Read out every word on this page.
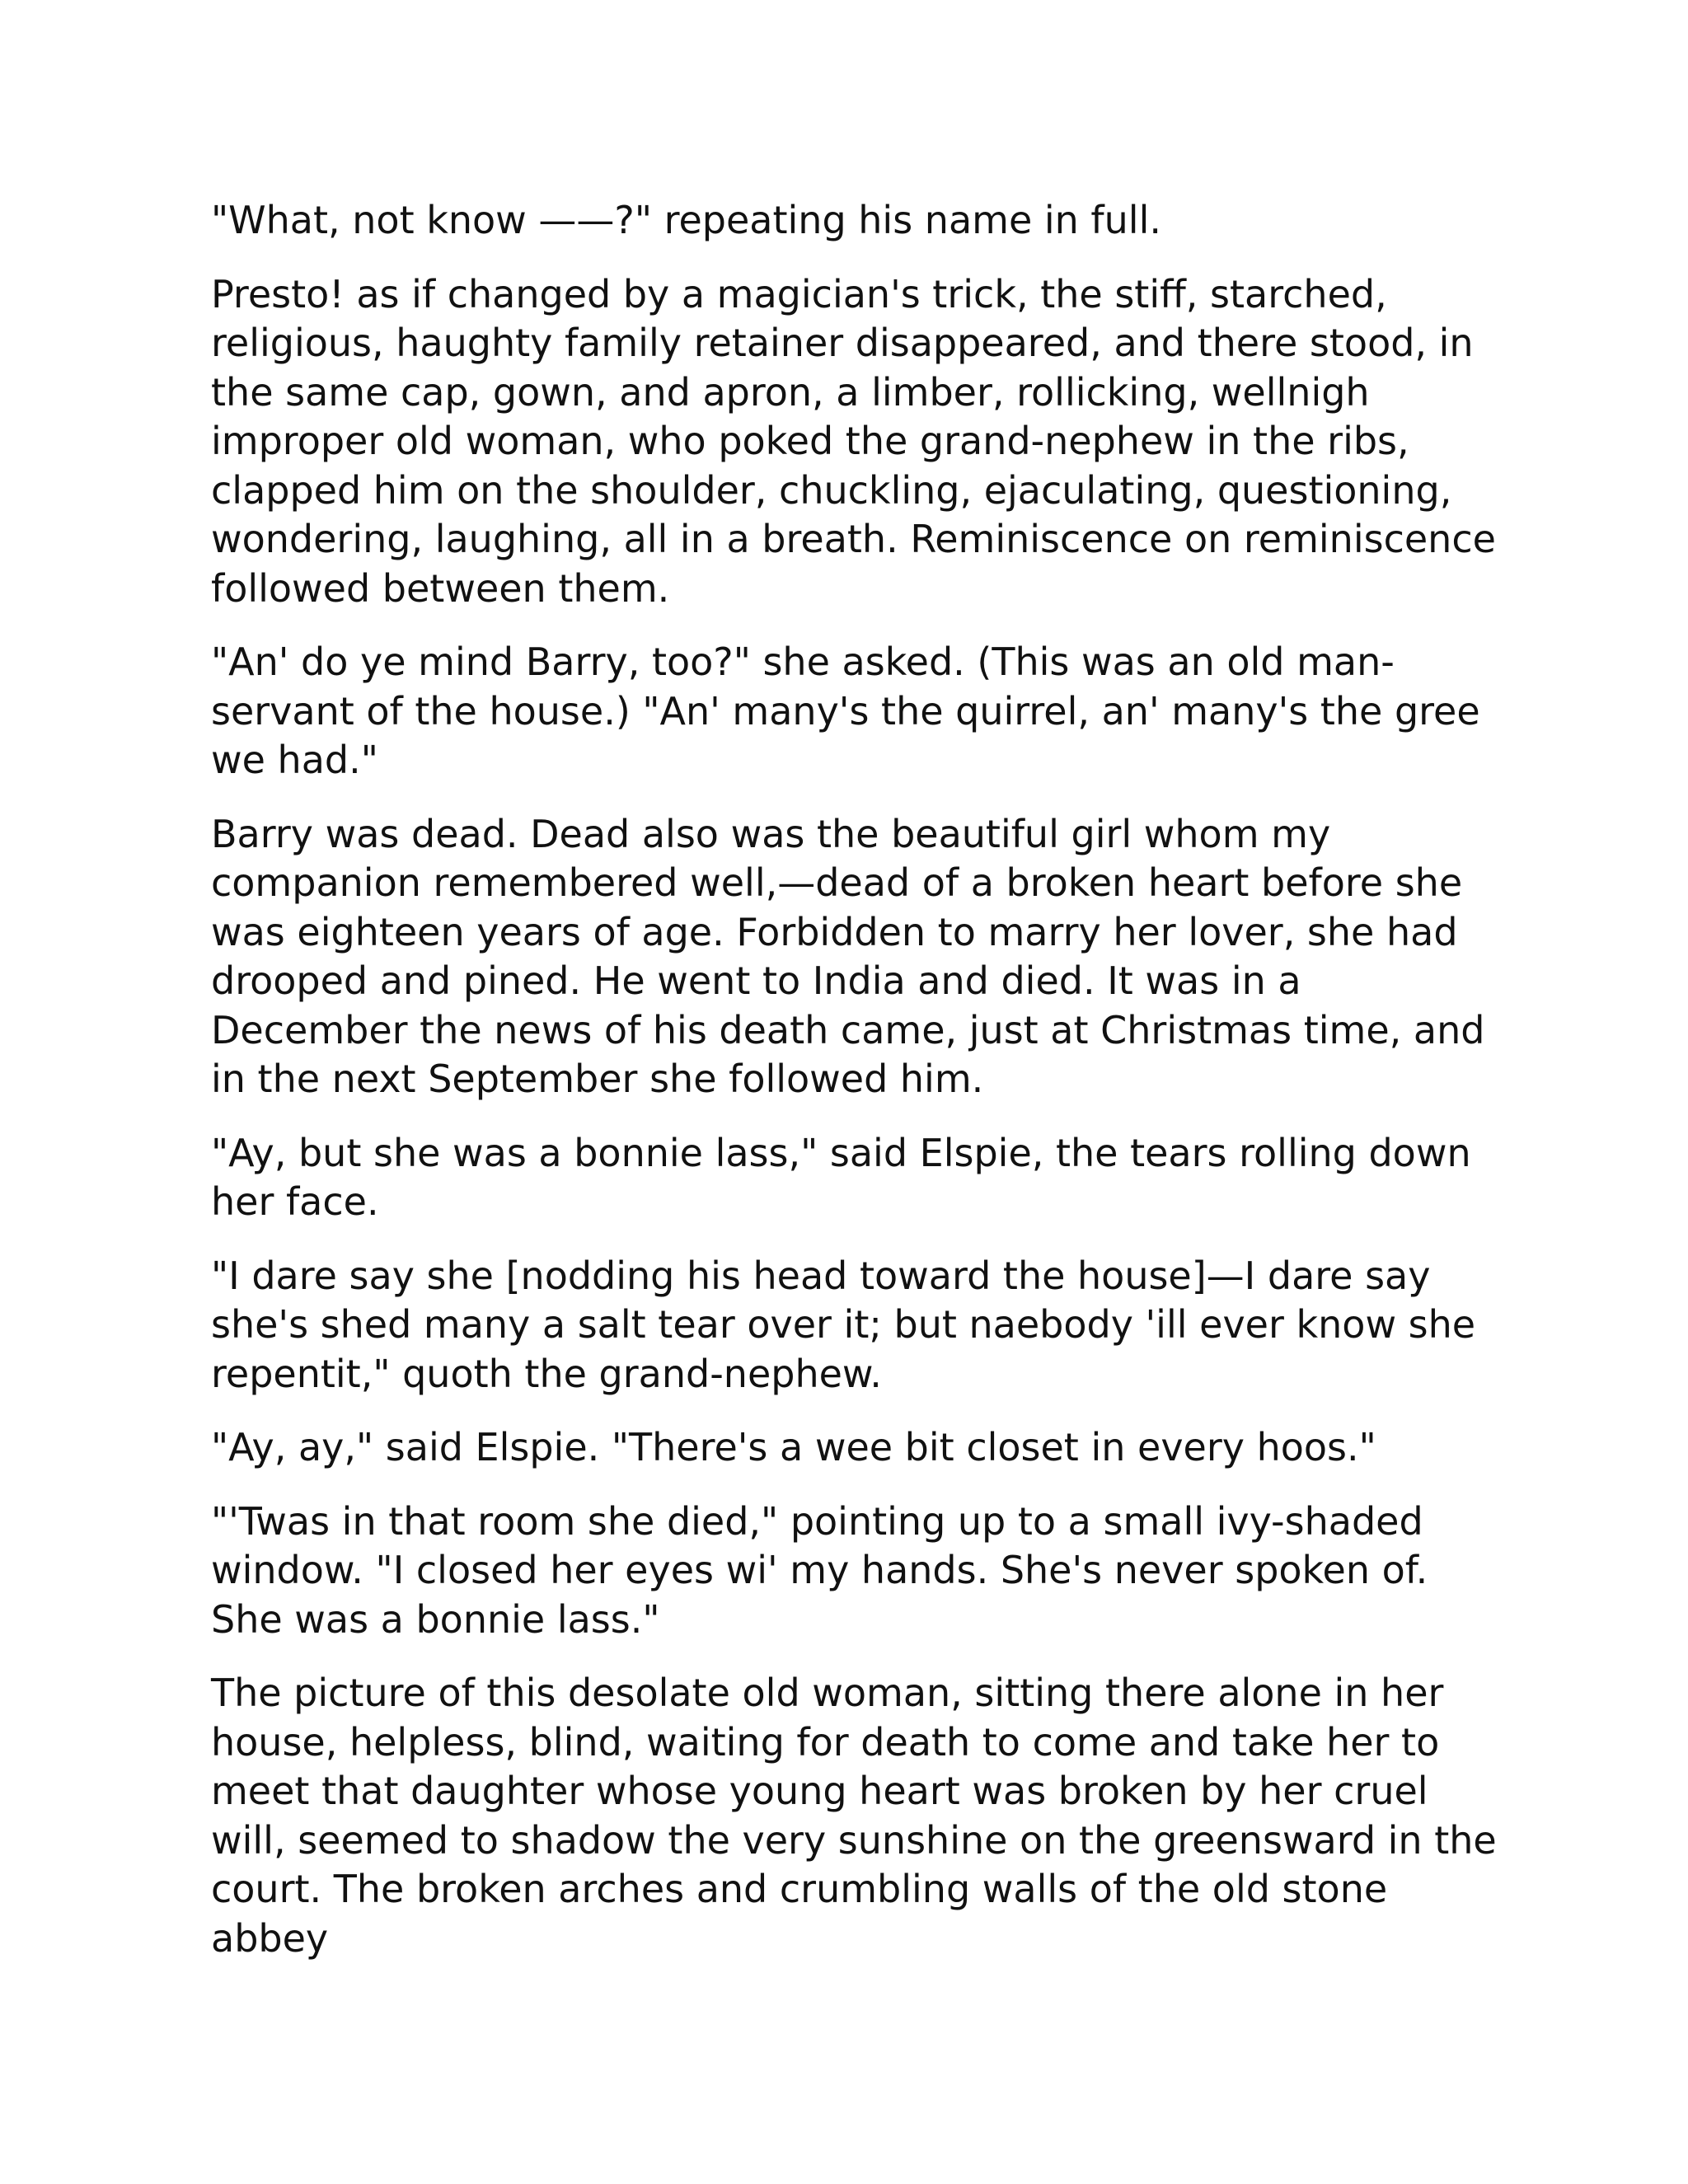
"What, not know ——?" repeating his name in full.

Presto! as if changed by a magician's trick, the stiff, starched, religious, haughty family retainer disappeared, and there stood, in the same cap, gown, and apron, a limber, rollicking, wellnigh improper old woman, who poked the grand-nephew in the ribs, clapped him on the shoulder, chuckling, ejaculating, questioning, wondering, laughing, all in a breath. Reminiscence on reminiscence followed between them.

"An' do ye mind Barry, too?" she asked. (This was an old man-servant of the house.) "An' many's the quirrel, an' many's the gree we had."

Barry was dead. Dead also was the beautiful girl whom my companion remembered well,—dead of a broken heart before she was eighteen years of age. Forbidden to marry her lover, she had drooped and pined. He went to India and died. It was in a December the news of his death came, just at Christmas time, and in the next September she followed him.

"Ay, but she was a bonnie lass," said Elspie, the tears rolling down her face.

"I dare say she [nodding his head toward the house]—I dare say she's shed many a salt tear over it; but naebody 'ill ever know she repentit," quoth the grand-nephew.

"Ay, ay," said Elspie. "There's a wee bit closet in every hoos."

"'Twas in that room she died," pointing up to a small ivy-shaded window. "I closed her eyes wi' my hands. She's never spoken of. She was a bonnie lass."

The picture of this desolate old woman, sitting there alone in her house, helpless, blind, waiting for death to come and take her to meet that daughter whose young heart was broken by her cruel will, seemed to shadow the very sunshine on the greensward in the court. The broken arches and crumbling walls of the old stone abbey
